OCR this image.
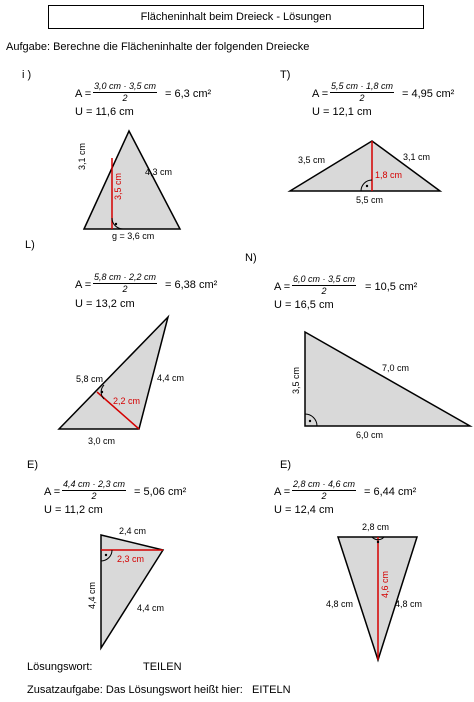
Flächeninhalt beim Dreieck - Lösungen
Aufgabe: Berechne die Flächeninhalte der folgenden Dreiecke
i )
$A = \frac{3,0 cm \cdot 3,5 cm}{2} = 6,3$ cm²
U = 11,6 cm
3,1 cm
4,3 cm
3,5 cm
g = 3,6 cm
T)
$A = \frac{5,5 cm \cdot 1,8 cm}{2} = 4,95$ cm²
U = 12,1 cm
3,5 cm	3,1 cm
1,8 cm
5,5 cm
L)
$A = \frac{5,8 cm \cdot 2,2 cm}{2} = 6,38$ cm²
U = 13,2 cm
5,8 cm	4,4 cm
2,2 cm
3,0 cm
N)
$A = \frac{6,0 cm \cdot 3,5 cm}{2} = 10,5$ cm²
U = 16,5 cm
3,5 cm	7,0 cm
6,0 cm
E)
$A = \frac{4,4 cm \cdot 2,3 cm}{2} = 5,06$ cm²
U = 11,2 cm
2,4 cm
2,3 cm
4,4 cm	4,4 cm
E)
$A = \frac{2,8 cm \cdot 4,6 cm}{2} = 6,44$ cm²
U = 12,4 cm
2,8 cm
4,6 cm
4,8 cm	4,8 cm
Lösungswort:	TEILEN
Zusatzaufgabe: Das Lösungswort heißt hier: EITELN
